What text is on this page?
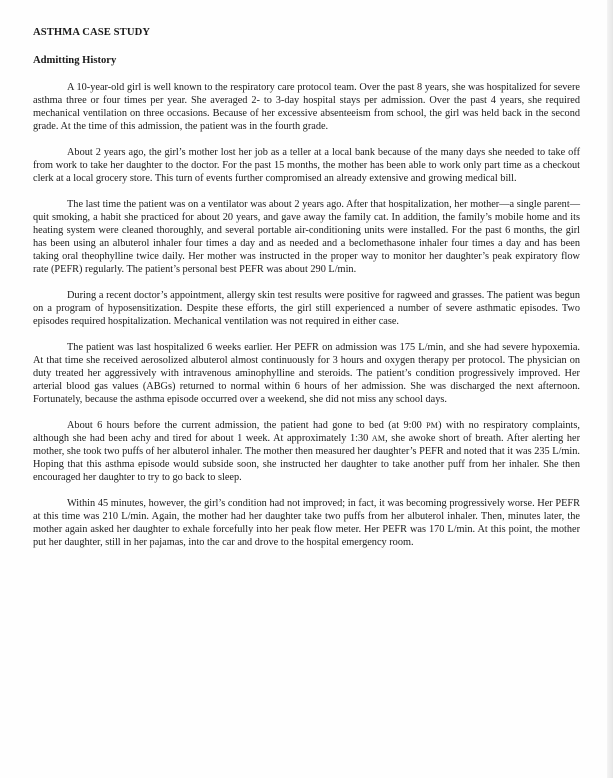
ASTHMA CASE STUDY
Admitting History

A 10-year-old girl is well known to the respiratory care protocol team. Over the past 8 years, she was hospitalized for severe asthma three or four times per year. She averaged 2- to 3-day hospital stays per admission. Over the past 4 years, she required mechanical ventilation on three occasions. Because of her excessive absenteeism from school, the girl was held back in the second grade. At the time of this admission, the patient was in the fourth grade.

About 2 years ago, the girl’s mother lost her job as a teller at a local bank because of the many days she needed to take off from work to take her daughter to the doctor. For the past 15 months, the mother has been able to work only part time as a checkout clerk at a local grocery store. This turn of events further compromised an already extensive and growing medical bill.

The last time the patient was on a ventilator was about 2 years ago. After that hospitalization, her mother—a single parent—quit smoking, a habit she practiced for about 20 years, and gave away the family cat. In addition, the family’s mobile home and its heating system were cleaned thoroughly, and several portable air-conditioning units were installed. For the past 6 months, the girl has been using an albuterol inhaler four times a day and as needed and a beclomethasone inhaler four times a day and has been taking oral theophylline twice daily. Her mother was instructed in the proper way to monitor her daughter’s peak expiratory flow rate (PEFR) regularly. The patient’s personal best PEFR was about 290 L/min.

During a recent doctor’s appointment, allergy skin test results were positive for ragweed and grasses. The patient was begun on a program of hyposensitization. Despite these efforts, the girl still experienced a number of severe asthmatic episodes. Two episodes required hospitalization. Mechanical ventilation was not required in either case.

The patient was last hospitalized 6 weeks earlier. Her PEFR on admission was 175 L/min, and she had severe hypoxemia. At that time she received aerosolized albuterol almost continuously for 3 hours and oxygen therapy per protocol. The physician on duty treated her aggressively with intravenous aminophylline and steroids. The patient’s condition progressively improved. Her arterial blood gas values (ABGs) returned to normal within 6 hours of her admission. She was discharged the next afternoon. Fortunately, because the asthma episode occurred over a weekend, she did not miss any school days.

About 6 hours before the current admission, the patient had gone to bed (at 9:00 PM) with no respiratory complaints, although she had been achy and tired for about 1 week. At approximately 1:30 AM, she awoke short of breath. After alerting her mother, she took two puffs of her albuterol inhaler. The mother then measured her daughter’s PEFR and noted that it was 235 L/min. Hoping that this asthma episode would subside soon, she instructed her daughter to take another puff from her inhaler. She then encouraged her daughter to try to go back to sleep.

Within 45 minutes, however, the girl’s condition had not improved; in fact, it was becoming progressively worse. Her PEFR at this time was 210 L/min. Again, the mother had her daughter take two puffs from her albuterol inhaler. Then, minutes later, the mother again asked her daughter to exhale forcefully into her peak flow meter. Her PEFR was 170 L/min. At this point, the mother put her daughter, still in her pajamas, into the car and drove to the hospital emergency room.
